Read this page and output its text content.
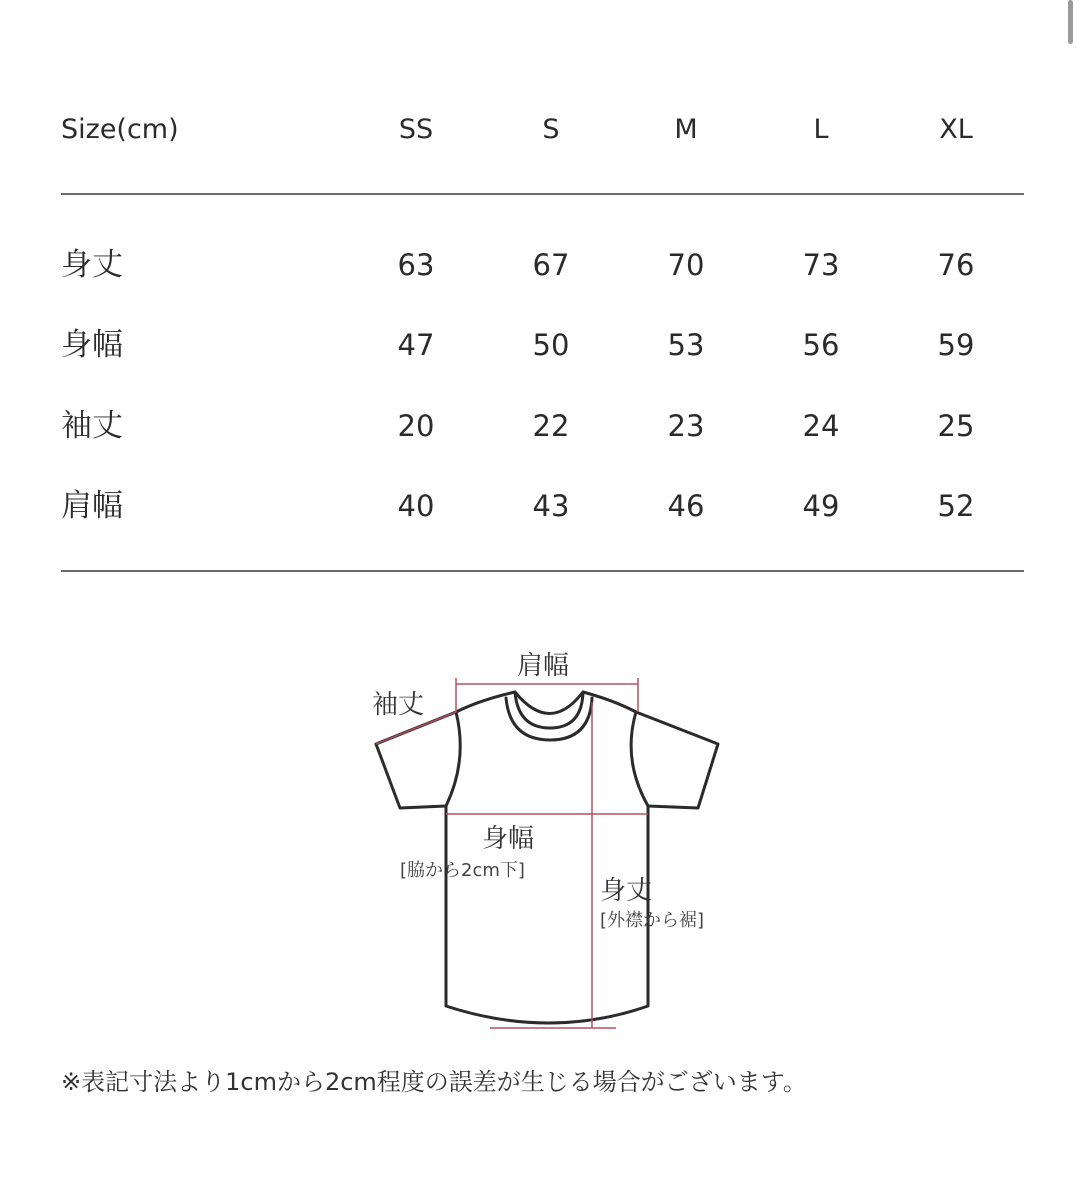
Size(cm)	SS	S	M	L	XL
身丈	63	67	70	73	76
身幅	47	50	53	56	59
袖丈	20	22	23	24	25
肩幅	40	43	46	49	52
肩幅
袖丈
身幅
[脇から2cm下]
身丈
[外襟から裾]
※表記寸法より1cmから2cm程度の誤差が生じる場合がございます。
